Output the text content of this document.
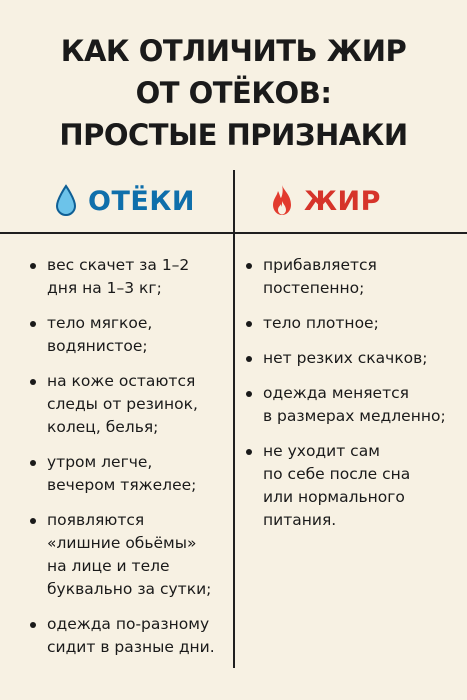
КАК ОТЛИЧИТЬ ЖИР
ОТ ОТЁКОВ:
ПРОСТЫЕ ПРИЗНАКИ
ОТЁКИ	ЖИР
вес скачет за 1–2
дня на 1–3 кг;
тело мягкое,
водянистое;
на коже остаются
следы от резинок,
колец, белья;
утром легче,
вечером тяжелее;
появляются
«лишние обьёмы»
на лице и теле
буквально за сутки;
одежда по-разному
сидит в разные дни.
прибавляется
постепенно;
тело плотное;
нет резких скачков;
одежда меняется
в размерах медленно;
не уходит сам
по себе после сна
или нормального
питания.
